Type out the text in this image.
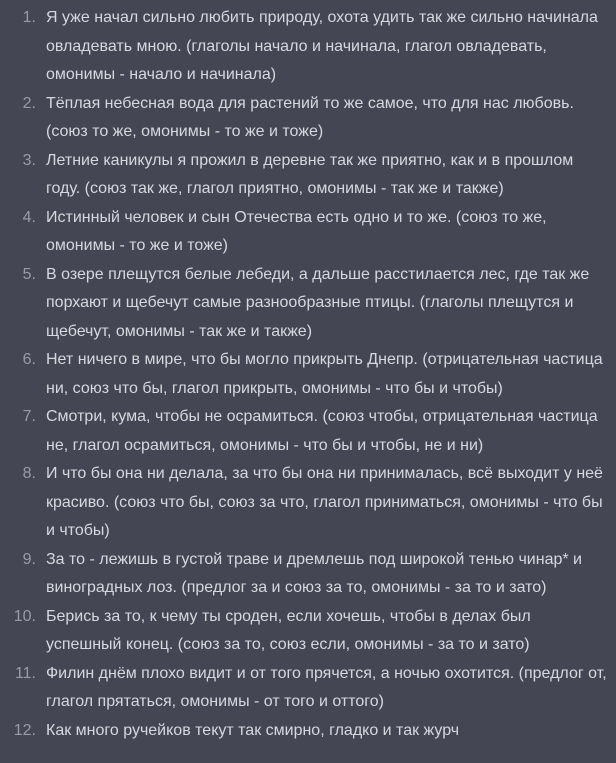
1. Я уже начал сильно любить природу, охота удить так же сильно начинала овладевать мною. (глаголы начало и начинала, глагол овладевать, омонимы - начало и начинала)
2. Тёплая небесная вода для растений то же самое, что для нас любовь. (союз то же, омонимы - то же и тоже)
3. Летние каникулы я прожил в деревне так же приятно, как и в прошлом году. (союз так же, глагол приятно, омонимы - так же и также)
4. Истинный человек и сын Отечества есть одно и то же. (союз то же, омонимы - то же и тоже)
5. В озере плещутся белые лебеди, а дальше расстилается лес, где так же порхают и щебечут самые разнообразные птицы. (глаголы плещутся и щебечут, омонимы - так же и также)
6. Нет ничего в мире, что бы могло прикрыть Днепр. (отрицательная частица ни, союз что бы, глагол прикрыть, омонимы - что бы и чтобы)
7. Смотри, кума, чтобы не осрамиться. (союз чтобы, отрицательная частица не, глагол осрамиться, омонимы - что бы и чтобы, не и ни)
8. И что бы она ни делала, за что бы она ни принималась, всё выходит у неё красиво. (союз что бы, союз за что, глагол приниматься, омонимы - что бы и чтобы)
9. За то - лежишь в густой траве и дремлешь под широкой тенью чинар* и виноградных лоз. (предлог за и союз за то, омонимы - за то и зато)
10. Берись за то, к чему ты сроден, если хочешь, чтобы в делах был успешный конец. (союз за то, союз если, омонимы - за то и зато)
11. Филин днём плохо видит и от того прячется, а ночью охотится. (предлог от, глагол прятаться, омонимы - от того и оттого)
12. Как много ручейков текут так смирно, гладко и так журч
